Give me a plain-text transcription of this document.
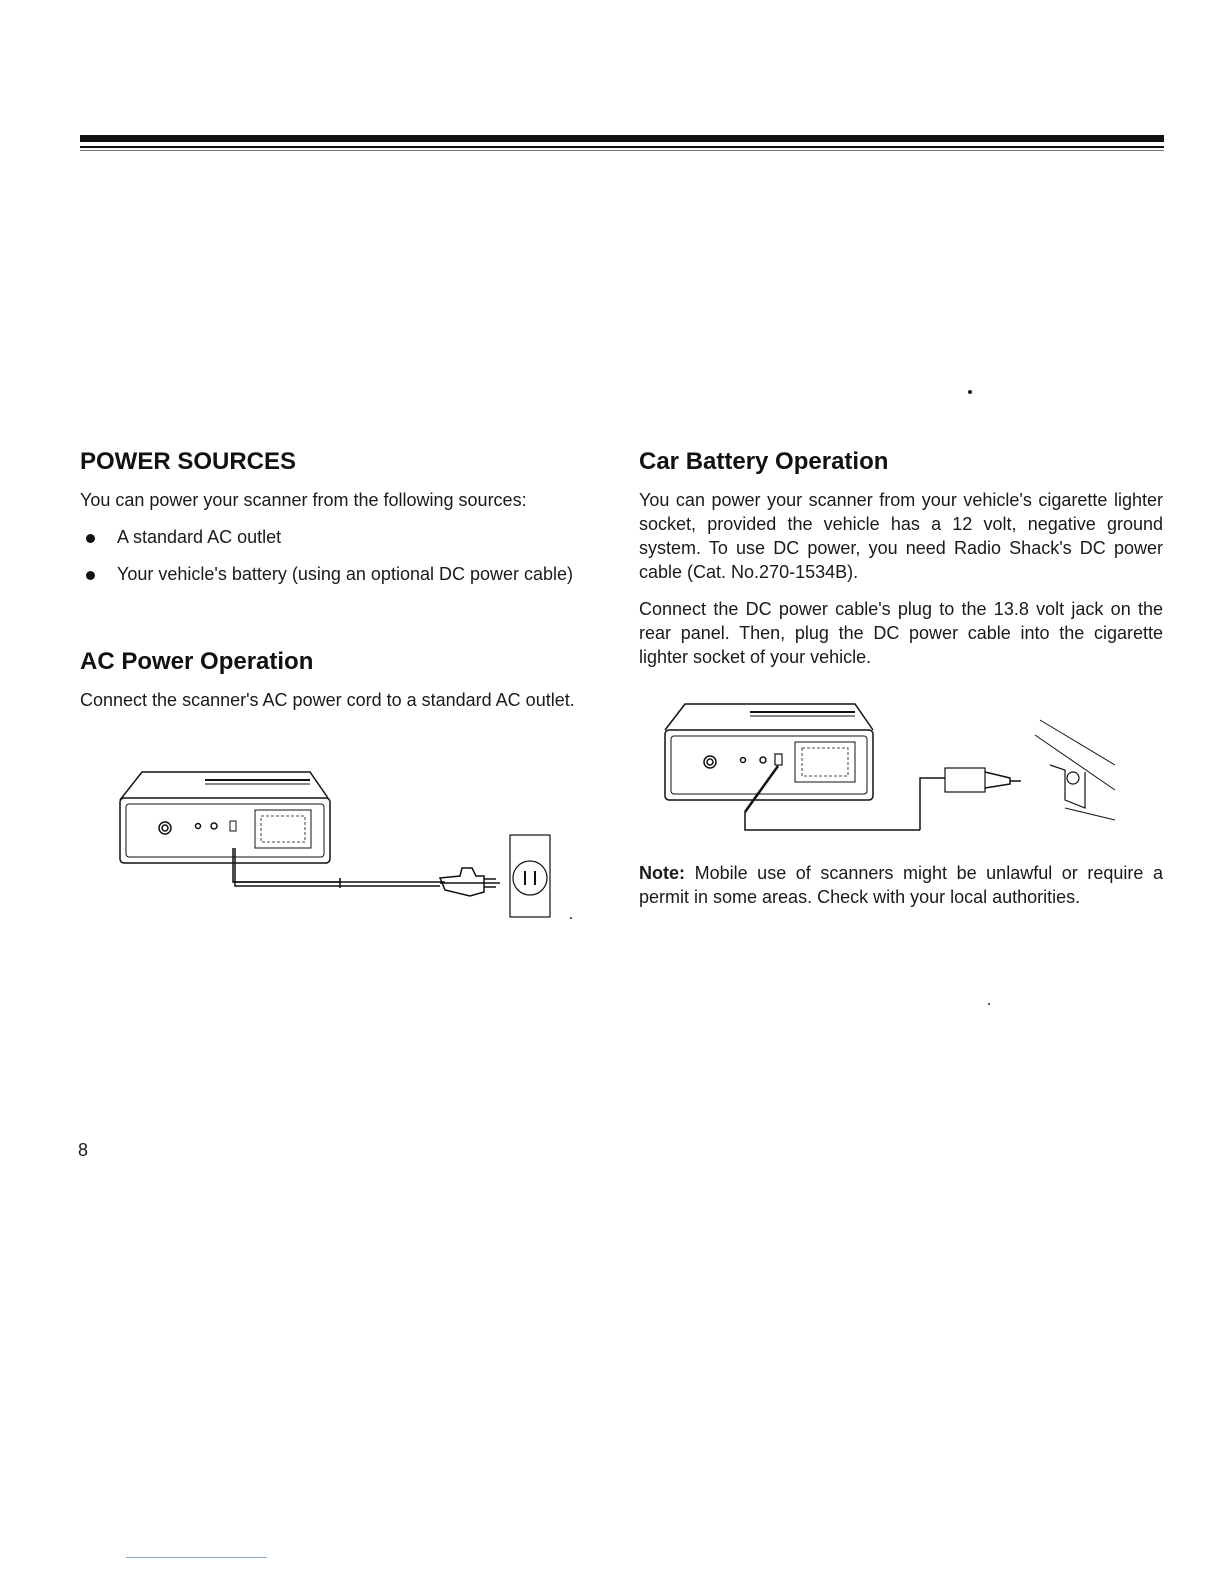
POWER SOURCES

You can power your scanner from the following sources:

A standard AC outlet
Your vehicle's battery (using an optional DC power cable)
AC Power Operation

Connect the scanner's AC power cord to a standard AC outlet.

Car Battery Operation

You can power your scanner from your vehicle's cigarette lighter socket, provided the vehicle has a 12 volt, negative ground system. To use DC power, you need Radio Shack's DC power cable (Cat. No.270-1534B).

Connect the DC power cable's plug to the 13.8 volt jack on the rear panel. Then, plug the DC power cable into the cigarette lighter socket of your vehicle.

Note: Mobile use of scanners might be unlawful or require a permit in some areas. Check with your local authorities.

8
